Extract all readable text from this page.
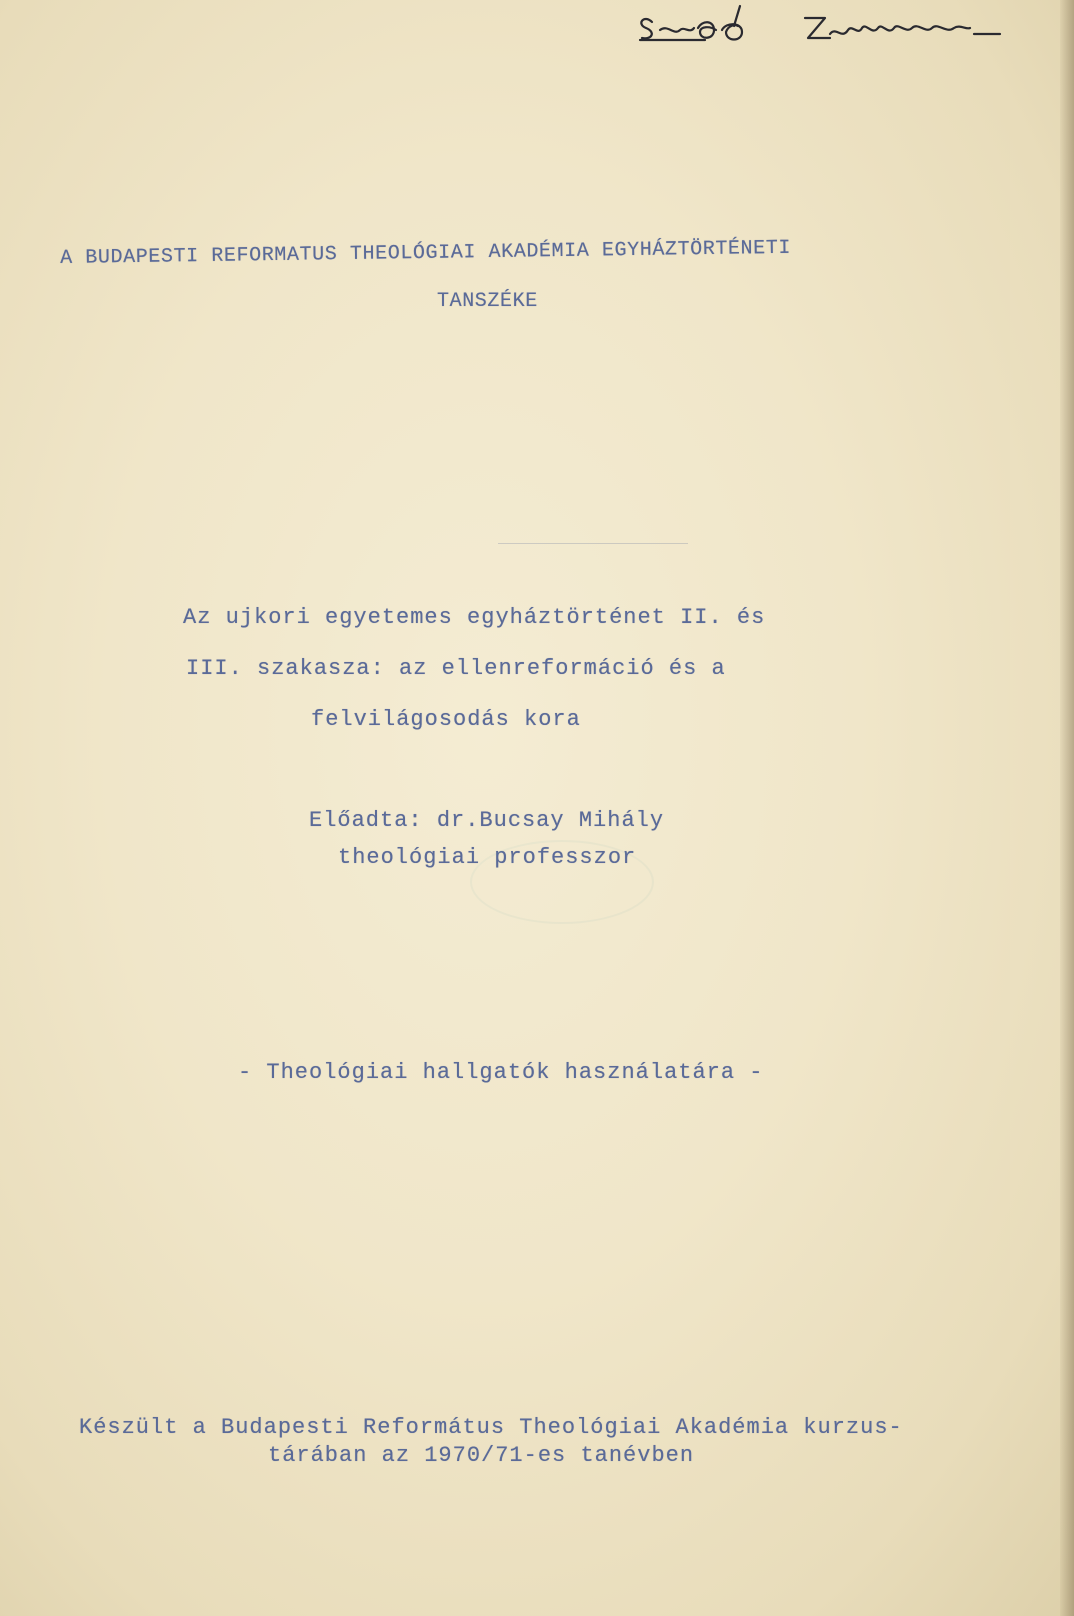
A BUDAPESTI REFORMATUS THEOLÓGIAI AKADÉMIA EGYHÁZTÖRTÉNETI
TANSZÉKE
Az ujkori egyetemes egyháztörténet II. és
III. szakasza: az ellenreformáció és a
felvilágosodás kora
Előadta: dr.Bucsay Mihály
theológiai professzor
- Theológiai hallgatók használatára -
Készült a Budapesti Református Theológiai Akadémia kurzus-
tárában az 1970/71-es tanévben
